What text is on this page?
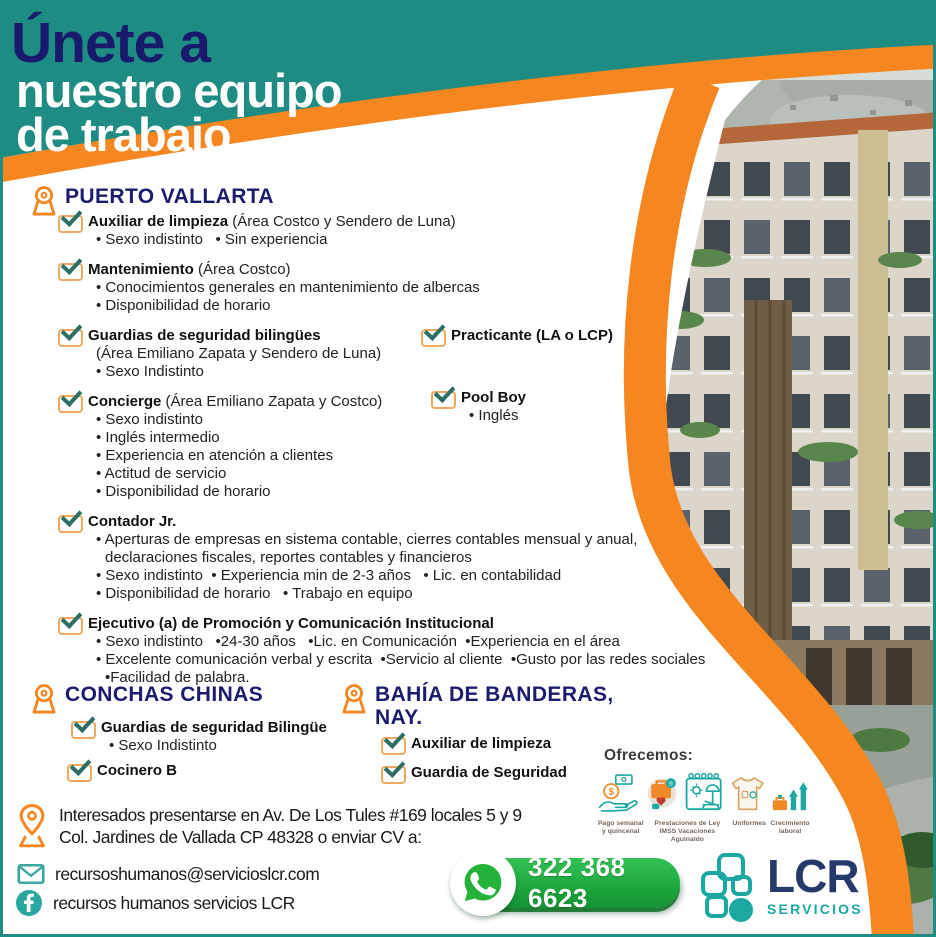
Únete a
nuestro equipo
de trabajo
PUERTO VALLARTA
Auxiliar de limpieza (Área Costco y Sendero de Luna)
• Sexo indistinto   • Sin experiencia
Mantenimiento (Área Costco)
• Conocimientos generales en mantenimiento de albercas
• Disponibilidad de horario
Guardias de seguridad bilingües
(Área Emiliano Zapata y Sendero de Luna)
• Sexo Indistinto
Concierge (Área Emiliano Zapata y Costco)
• Sexo indistinto
• Inglés intermedio
• Experiencia en atención a clientes
• Actitud de servicio
• Disponibilidad de horario
Contador Jr.
• Aperturas de empresas en sistema contable, cierres contables mensual y anual, declaraciones fiscales, reportes contables y financieros
• Sexo indistinto  • Experiencia min de 2-3 años   • Lic. en contabilidad
• Disponibilidad de horario   • Trabajo en equipo
Ejecutivo (a) de Promoción y Comunicación Institucional
• Sexo indistinto   •24-30 años   •Lic. en Comunicación  •Experiencia en el área
• Excelente comunicación verbal y escrita  •Servicio al cliente  •Gusto por las redes sociales  •Facilidad de palabra.
Practicante (LA o LCP)
Pool Boy
• Inglés
CONCHAS CHINAS
Guardias de seguridad Bilingüe
• Sexo Indistinto
Cocinero B
BAHÍA DE BANDERAS,
NAY.
Auxiliar de limpieza
Guardia de Seguridad
Ofrecemos:
$
!!
Pago semanal
y quincenal
Prestaciones de Ley
IMSS Vacaciones Aguinaldo
Uniformes Crecimiento
laboral
Interesados presentarse en Av. De Los Tules #169 locales 5 y 9
Col. Jardines de Vallada CP 48328 o enviar CV a:
recursoshumanos@servicioslcr.com
recursos humanos servicios LCR
322 368 6623	LCR
SERVICIOS
